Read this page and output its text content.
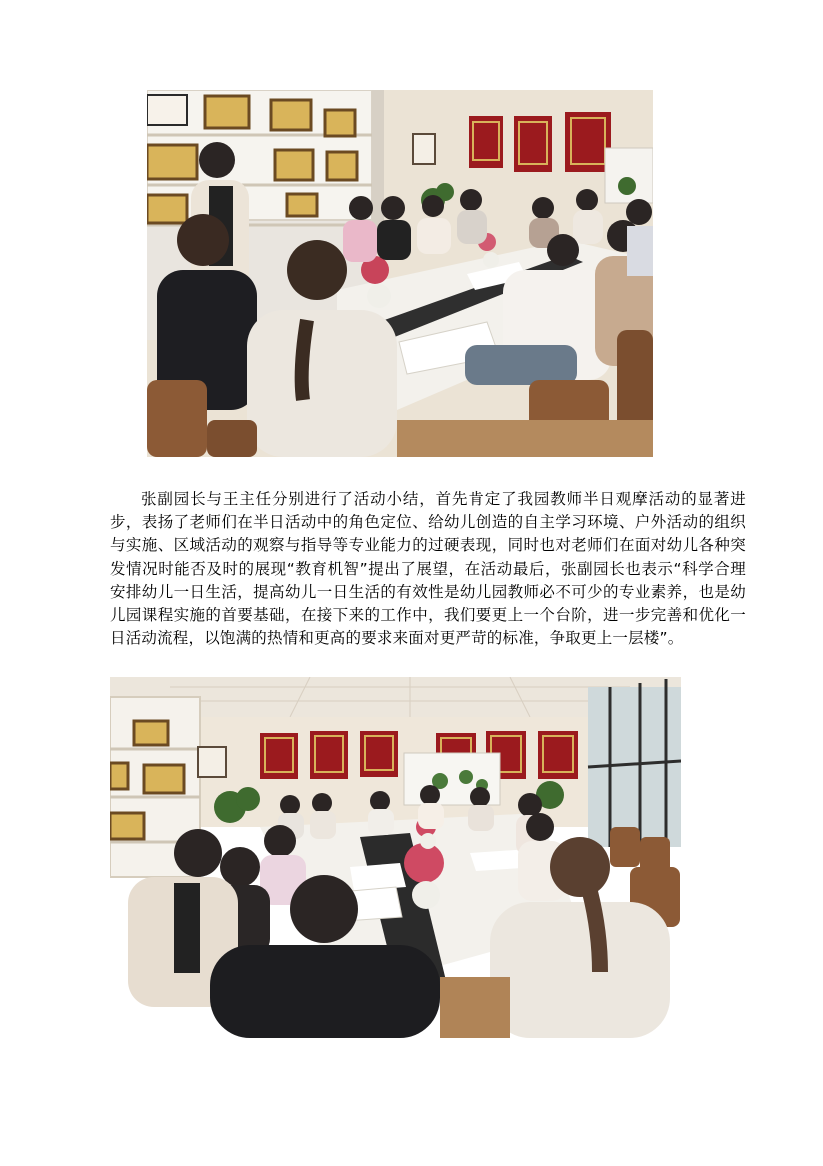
张副园长与王主任分别进行了活动小结，首先肯定了我园教师半日观摩活动的显著进步，表扬了老师们在半日活动中的角色定位、给幼儿创造的自主学习环境、户外活动的组织与实施、区域活动的观察与指导等专业能力的过硬表现，同时也对老师们在面对幼儿各种突发情况时能否及时的展现“教育机智”提出了展望，在活动最后，张副园长也表示“科学合理安排幼儿一日生活，提高幼儿一日生活的有效性是幼儿园教师必不可少的专业素养，也是幼儿园课程实施的首要基础，在接下来的工作中，我们要更上一个台阶，进一步完善和优化一日活动流程，以饱满的热情和更高的要求来面对更严苛的标准，争取更上一层楼”。
